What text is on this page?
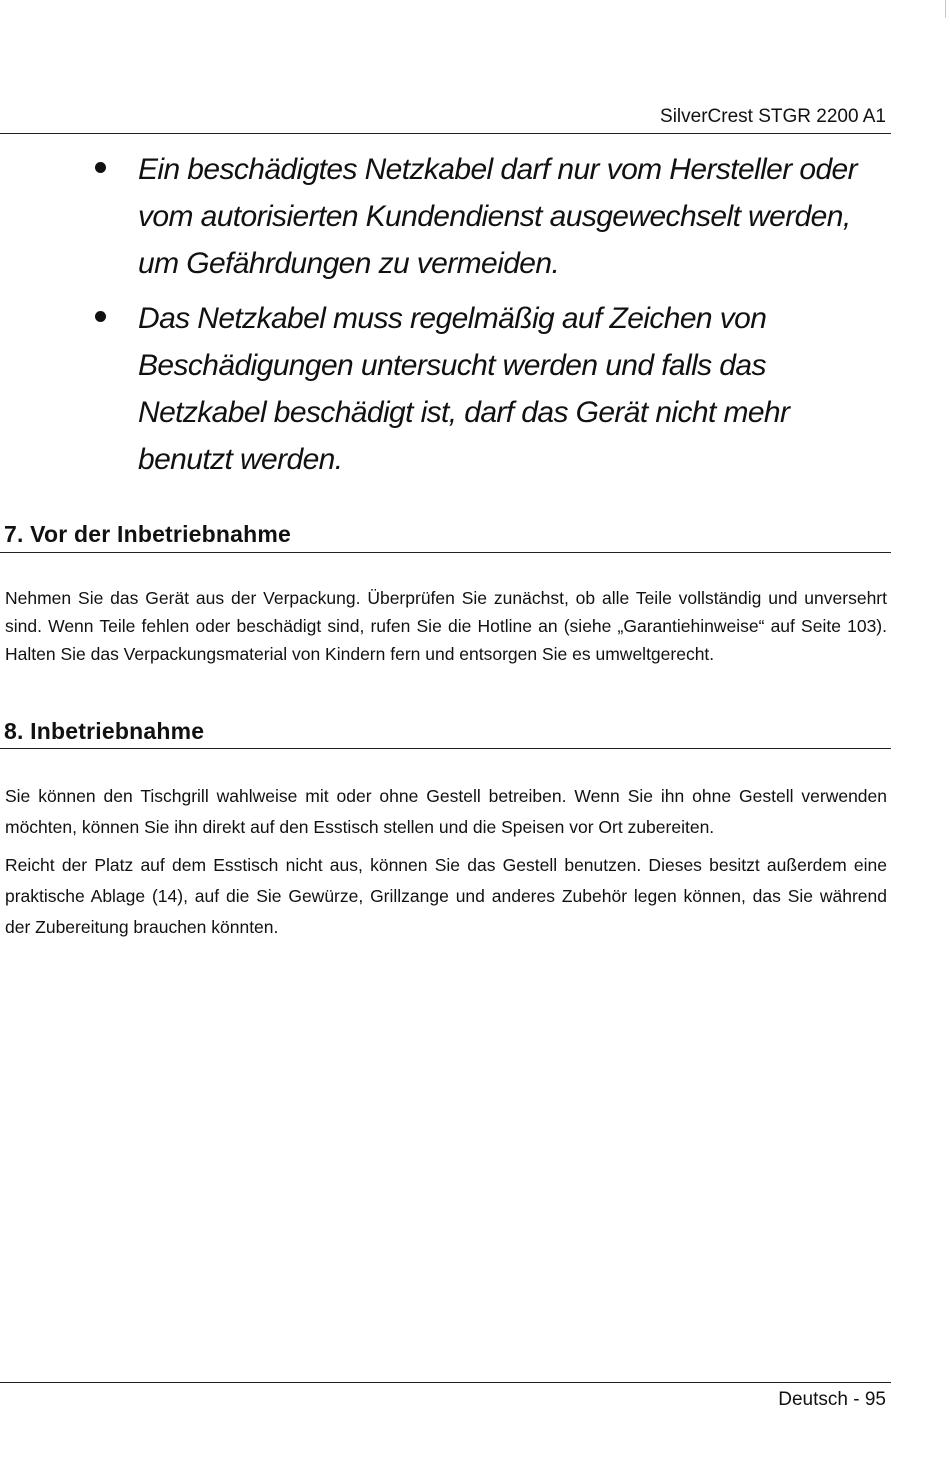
SilverCrest STGR 2200 A1
Ein beschädigtes Netzkabel darf nur vom Hersteller oder vom autorisierten Kundendienst ausgewechselt werden, um Gefährdungen zu vermeiden.
Das Netzkabel muss regelmäßig auf Zeichen von Beschädigungen untersucht werden und falls das Netzkabel beschädigt ist, darf das Gerät nicht mehr benutzt werden.
7. Vor der Inbetriebnahme

Nehmen Sie das Gerät aus der Verpackung. Überprüfen Sie zunächst, ob alle Teile vollständig und unversehrt sind. Wenn Teile fehlen oder beschädigt sind, rufen Sie die Hotline an (siehe „Garantiehinweise“ auf Seite 103). Halten Sie das Verpackungsmaterial von Kindern fern und entsorgen Sie es umweltgerecht.

8. Inbetriebnahme

Sie können den Tischgrill wahlweise mit oder ohne Gestell betreiben. Wenn Sie ihn ohne Gestell verwenden möchten, können Sie ihn direkt auf den Esstisch stellen und die Speisen vor Ort zubereiten.

Reicht der Platz auf dem Esstisch nicht aus, können Sie das Gestell benutzen. Dieses besitzt außerdem eine praktische Ablage (14), auf die Sie Gewürze, Grillzange und anderes Zubehör legen können, das Sie während der Zubereitung brauchen könnten.

Deutsch - 95
